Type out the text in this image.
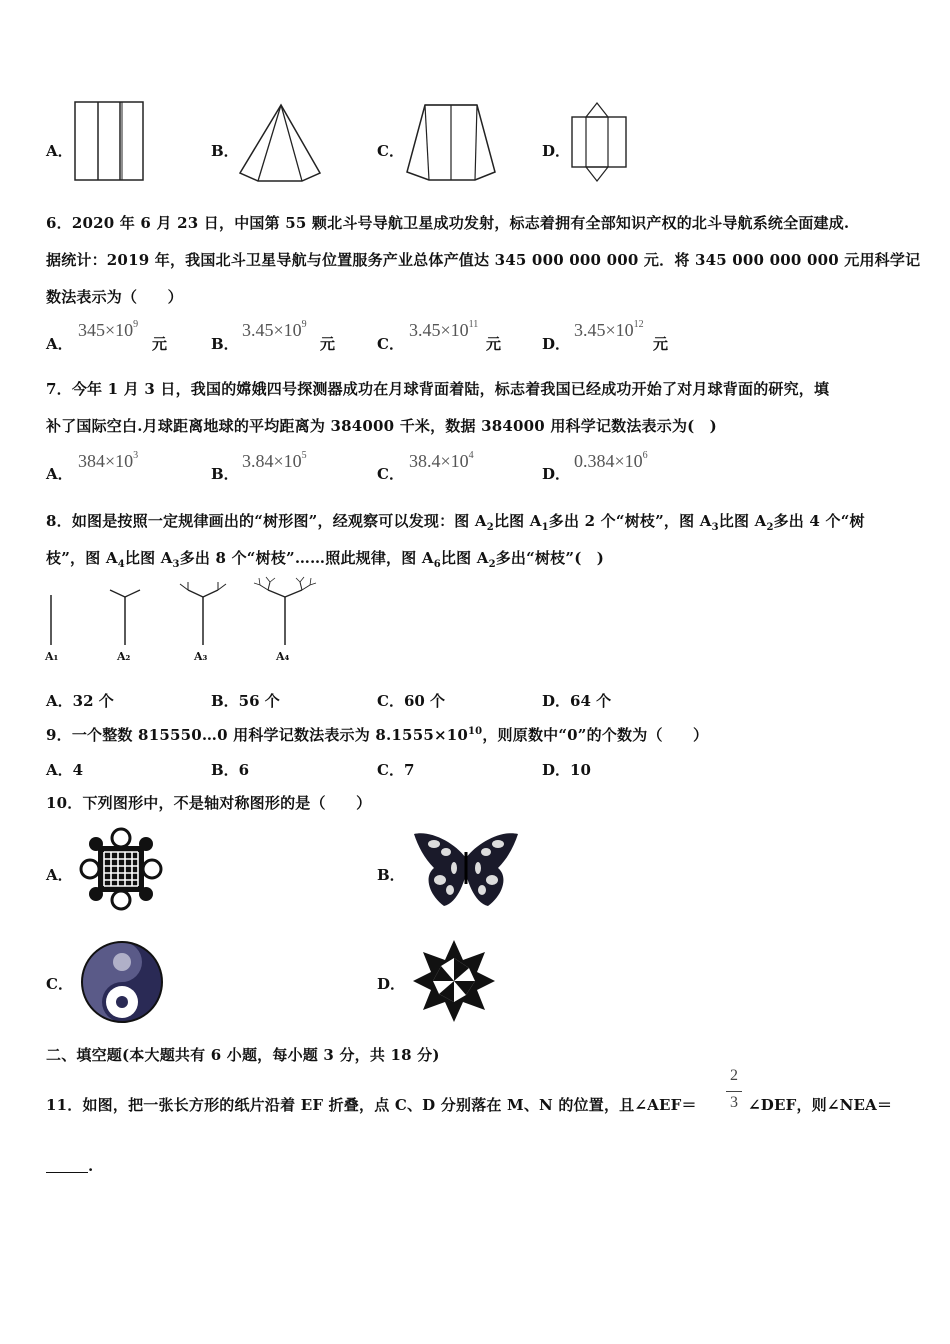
A．	B．	C．	D．
6．2020 年 6 月 23 日，中国第 55 颗北斗号导航卫星成功发射，标志着拥有全部知识产权的北斗导航系统全面建成.
据统计：2019 年，我国北斗卫星导航与位置服务产业总体产值达 345 000 000 000 元．将 345 000 000 000 元用科学记
数法表示为（　　）
A．
$345\times 10^9$
元	B．
$3.45\times 10^9$
元	C．
$3.45\times 10^{11}$
元	D．
$3.45\times 10^{12}$
元
7．今年 1 月 3 日，我国的嫦娥四号探测器成功在月球背面着陆，标志着我国已经成功开始了对月球背面的研究，填
补了国际空白.月球距离地球的平均距离为 384000 千米，数据 384000 用科学记数法表示为(　)
A．
$384\times 10^3$
B．
$3.84\times 10^5$
C．
$38.4\times 10^4$
D．
$0.384\times 10^6$
8．如图是按照一定规律画出的“树形图”，经观察可以发现：图 $A_2$比图 $A_1$多出 2 个“树枝”，图 $A_3$比图 $A_2$多出 4 个“树
枝”，图 $A_4$比图 $A_3$多出 8 个“树枝”……照此规律，图 $A_6$比图 $A_2$多出“树枝”(　)
A₁	A₂	A₃	A₄
A．32 个	B．56 个	C．60 个	D．64 个
9．一个整数 815550…0 用科学记数法表示为 $8.1555\times 10^{10}$，则原数中“0”的个数为（　　）
A．4	B．6	C．7	D．10
10．下列图形中，不是轴对称图形的是（　　）
A．	B．
C．	D．
二、填空题(本大题共有 6 小题，每小题 3 分，共 18 分)
11．如图，把一张长方形的纸片沿着 EF 折叠，点 C、D 分别落在 M、N 的位置，且∠AEF＝
2
3 ∠DEF，则∠NEA＝
.
